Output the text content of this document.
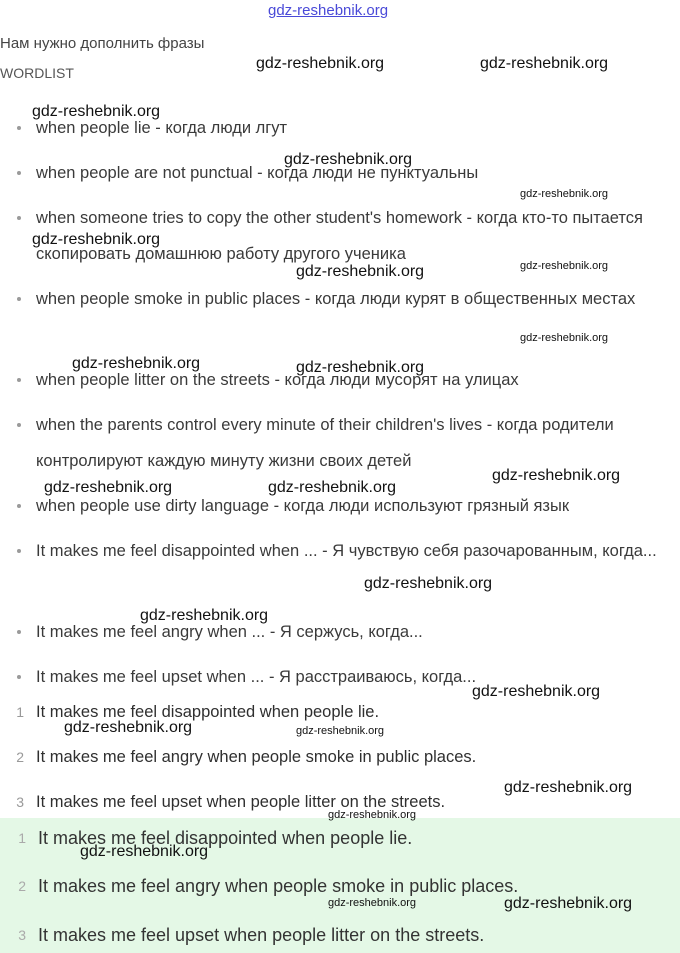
gdz-reshebnik.org
Нам нужно дополнить фразы
WORDLIST
when people lie - когда люди лгут
when people are not punctual - когда люди не пунктуальны
when someone tries to copy the other student's homework - когда кто-то пытается скопировать домашнюю работу другого ученика
when people smoke in public places - когда люди курят в общественных местах
when people litter on the streets - когда люди мусорят на улицах
when the parents control every minute of their children's lives - когда родители контролируют каждую минуту жизни своих детей
when people use dirty language - когда люди используют грязный язык
It makes me feel disappointed when ... - Я чувствую себя разочарованным, когда...
It makes me feel angry when ... - Я сержусь, когда...
It makes me feel upset when ... - Я расстраиваюсь, когда...
1 It makes me feel disappointed when people lie.
2 It makes me feel angry when people smoke in public places.
3 It makes me feel upset when people litter on the streets.
1 It makes me feel disappointed when people lie.
2 It makes me feel angry when people smoke in public places.
3 It makes me feel upset when people litter on the streets.
gdz-reshebnik.org	gdz-reshebnik.org
gdz-reshebnik.org
gdz-reshebnik.org
gdz-reshebnik.org
gdz-reshebnik.org
gdz-reshebnik.org
gdz-reshebnik.org
gdz-reshebnik.org
gdz-reshebnik.org	gdz-reshebnik.org
gdz-reshebnik.org
gdz-reshebnik.org	gdz-reshebnik.org
gdz-reshebnik.org
gdz-reshebnik.org
gdz-reshebnik.org
gdz-reshebnik.org	gdz-reshebnik.org
gdz-reshebnik.org
gdz-reshebnik.org
gdz-reshebnik.org
gdz-reshebnik.org	gdz-reshebnik.org
